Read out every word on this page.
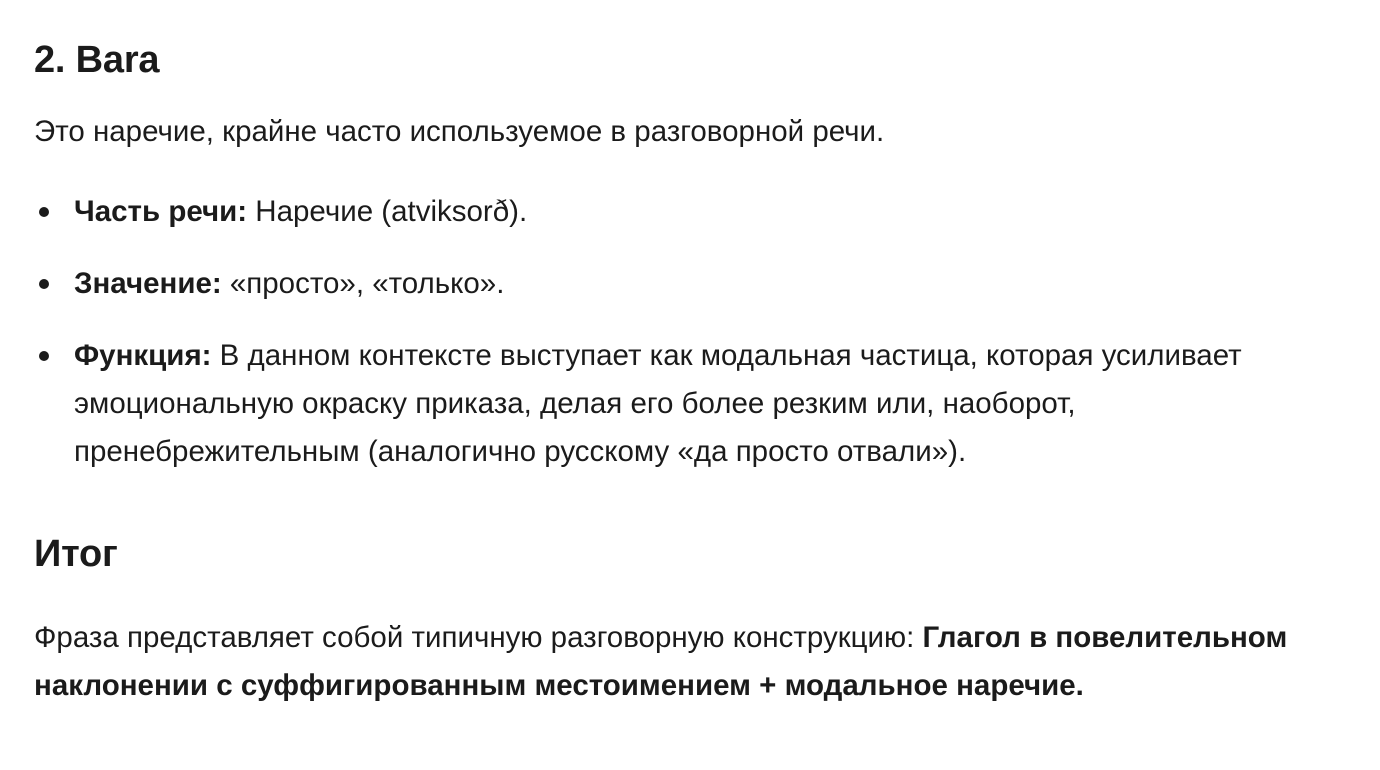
2. Bara

Это наречие, крайне часто используемое в разговорной речи.

Часть речи: Наречие (atviksorð).
Значение: «просто», «только».
Функция: В данном контексте выступает как модальная частица, которая усиливает эмоциональную окраску приказа, делая его более резким или, наоборот, пренебрежительным (аналогично русскому «да просто отвали»).
Итог

Фраза представляет собой типичную разговорную конструкцию: Глагол в повелительном наклонении с суффигированным местоимением + модальное наречие.
